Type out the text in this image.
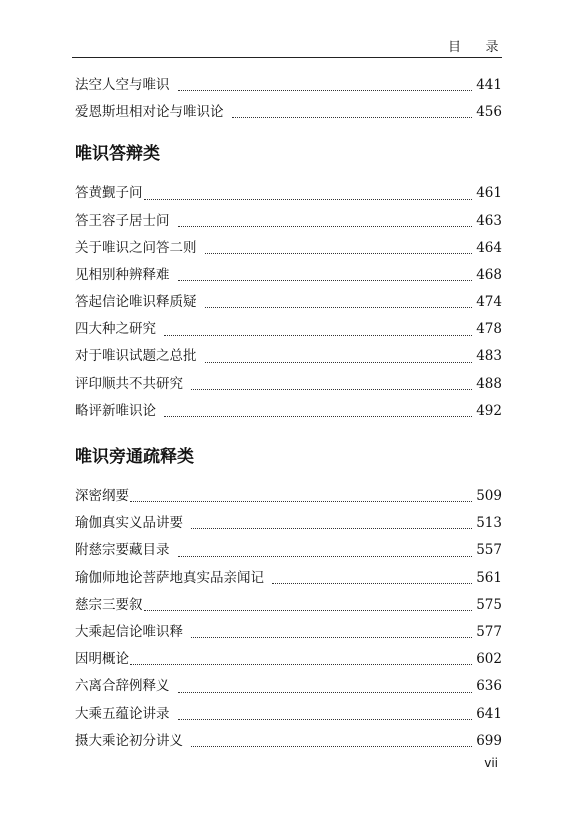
目 录
法空人空与唯识	441
爱恩斯坦相对论与唯识论	456
唯识答辩类
答黄觐子问	461
答王容子居士问	463
关于唯识之问答二则	464
见相别种辨释难	468
答起信论唯识释质疑	474
四大种之研究	478
对于唯识试题之总批	483
评印顺共不共研究	488
略评新唯识论	492
唯识旁通疏释类
深密纲要	509
瑜伽真实义品讲要	513
附慈宗要藏目录	557
瑜伽师地论菩萨地真实品亲闻记	561
慈宗三要叙	575
大乘起信论唯识释	577
因明概论	602
六离合辞例释义	636
大乘五蕴论讲录	641
摄大乘论初分讲义	699
vii
